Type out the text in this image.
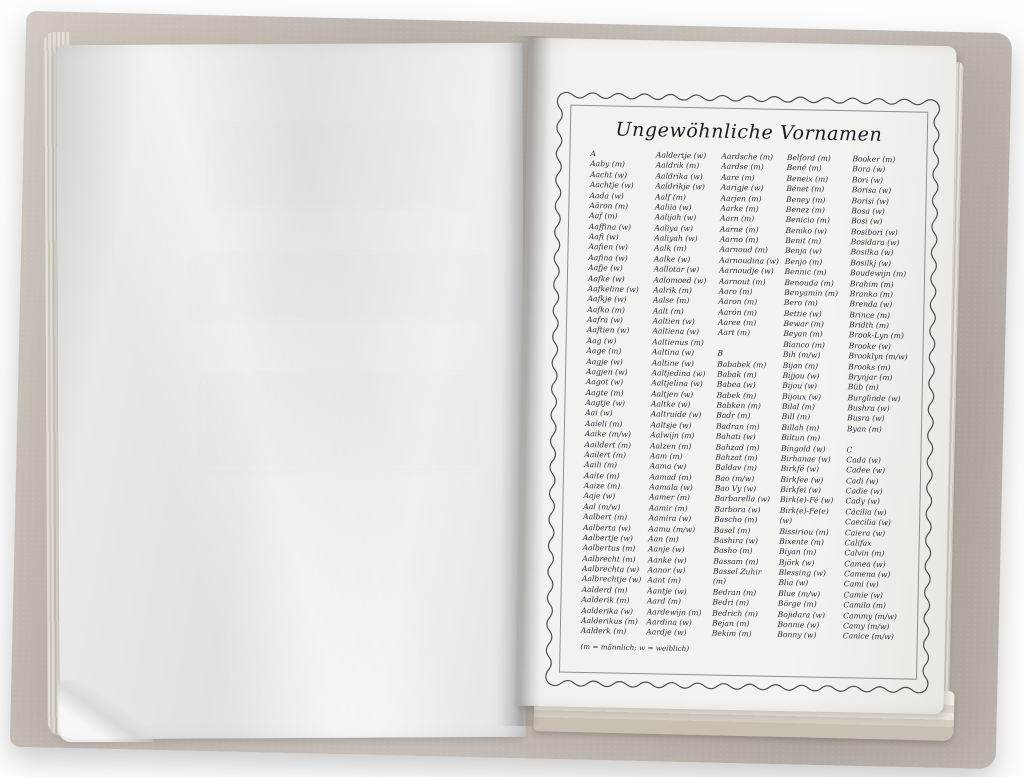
Ungewöhnliche Vornamen
A
Aaby (m)
Aacht (w)
Aachtje (w)
Aada (w)
Aäron (m)
Aaf (m)
Aaffina (w)
Aafi (w)
Aafien (w)
Aafina (w)
Aafje (w)
Aafke (w)
Aafkeline (w)
Aafkje (w)
Aafko (m)
Aafra (w)
Aaftien (w)
Aag (w)
Aage (m)
Aagje (w)
Aagjen (w)
Aagot (w)
Aagte (m)
Aagtje (w)
Aai (w)
Aaieli (m)
Aaike (m/w)
Aaildert (m)
Aailert (m)
Aaili (m)
Aaite (m)
Aaize (m)
Aaje (w)
Aal (m/w)
Aalbert (m)
Aalberta (w)
Aalbertje (w)
Aalbertus (m)
Aalbrecht (m)
Aalbrechta (w)
Aalbrechtje (w)
Aalderd (m)
Aalderik (m)
Aalderika (w)
Aalderikus (m)
Aalderk (m)
Aaldertje (w)
Aaldrik (m)
Aaldrika (w)
Aaldrikje (w)
Aalf (m)
Aaliia (w)
Aalijah (w)
Aaliya (w)
Aaliyah (w)
Aalk (m)
Aalke (w)
Aallotar (w)
Aalomoed (w)
Aalrik (m)
Aalse (m)
Aalt (m)
Aaltien (w)
Aaltiena (w)
Aaltienus (m)
Aaltina (w)
Aaltine (w)
Aaltjedina (w)
Aaltjelina (w)
Aaltjen (w)
Aaltke (w)
Aaltruide (w)
Aaltsje (w)
Aalwijn (m)
Aalzen (m)
Aam (m)
Aama (w)
Aamad (m)
Aamala (w)
Aamer (m)
Aamir (m)
Aamira (w)
Aamu (m/w)
Aan (m)
Aanje (w)
Aanke (w)
Aanor (w)
Aant (m)
Aantje (w)
Aard (m)
Aardewijn (m)
Aardina (w)
Aardje (w)
Aardsche (m)
Aardse (m)
Aare (m)
Aarigje (w)
Aarjen (m)
Aarke (m)
Aarn (m)
Aarne (m)
Aarno (m)
Aarnoud (m)
Aarnoudina (w)
Aarnoudje (w)
Aarnout (m)
Aaro (m)
Aaron (m)
Aarón (m)
Aaree (m)
Aart (m)
B
Bababek (m)
Babak (m)
Babea (w)
Babek (m)
Babken (m)
Badr (m)
Badran (m)
Bahati (w)
Bahzad (m)
Bahzat (m)
Baldav (m)
Bao (m/w)
Bao Vy (w)
Barbarella (w)
Barbora (w)
Bascho (m)
Basel (m)
Bashira (w)
Basho (m)
Bassam (m)
Bassel Zuhir
(m)
Bedran (m)
Bedri (m)
Bedrich (m)
Bejan (m)
Bekim (m)
Belford (m)
Bené (m)
Beneix (m)
Bénet (m)
Beney (m)
Benez (m)
Benicio (m)
Beniko (w)
Benit (m)
Benja (w)
Benjo (m)
Bennic (m)
Benouda (m)
Benyamin (m)
Bero (m)
Bettie (w)
Bewar (m)
Beyan (m)
Bianco (m)
Bih (m/w)
Bijan (m)
Bijjou (w)
Bijou (w)
Bijoux (w)
Bilal (m)
Bill (m)
Billah (m)
Biltun (m)
Bingold (w)
Birhanae (w)
Birkfé (w)
Birkfee (w)
Birkfei (w)
Birk(e)-Fé (w)
Birk(e)-Fe(e)
(w)
Bissiriou (m)
Bixente (m)
Biyan (m)
Björk (w)
Blessing (w)
Blia (w)
Blue (m/w)
Börge (m)
Bojidara (w)
Bonnie (w)
Bonny (w)
Booker (m)
Bora (w)
Bori (w)
Borisa (w)
Borisi (w)
Bosa (w)
Bosi (w)
Bosibori (w)
Bosidara (w)
Bosilka (w)
Bosilkj (w)
Boudewijn (m)
Brahim (m)
Branko (m)
Brenda (w)
Brince (m)
Bridth (m)
Brook-Lyn (m)
Brooke (w)
Brooklyn (m/w)
Brooks (m)
Brynjar (m)
Büb (m)
Burglinde (w)
Bushra (w)
Busra (w)
Byan (m)
C
Cada (w)
Cadee (w)
Cadi (w)
Cadie (w)
Cady (w)
Cäcilia (w)
Caecilia (w)
Caiera (w)
Califax
Calvin (m)
Camea (w)
Camena (w)
Cami (w)
Camie (w)
Camilo (m)
Cammy (m/w)
Camy (m/w)
Canice (m/w)
(m = männlich; w = weiblich)
